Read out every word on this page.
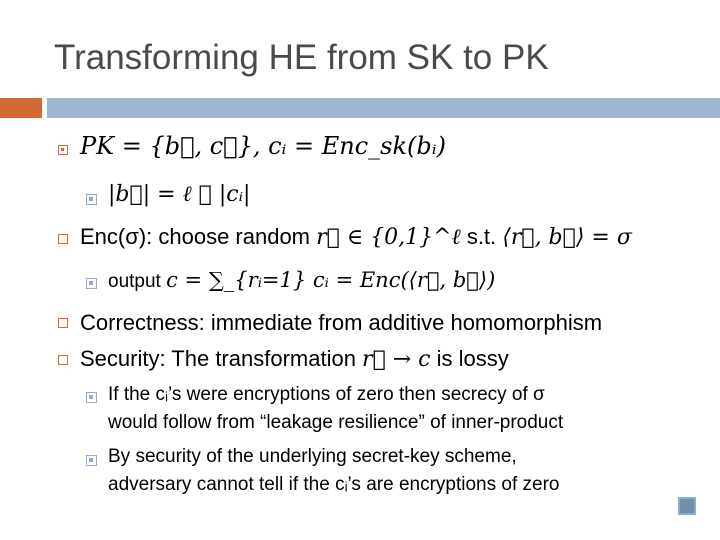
Transforming HE from SK to PK
PK = {b⃗, c⃗}, cᵢ = Enc_sk(bᵢ)
|b⃗| = ℓ ≫ |cᵢ|
Enc(σ): choose random r⃗ ∈ {0,1}^ℓ s.t. ⟨r⃗, b⃗⟩ = σ
output c = ∑_{rᵢ=1} cᵢ = Enc(⟨r⃗, b⃗⟩)
Correctness: immediate from additive homomorphism
Security: The transformation r⃗ → c is lossy
If the cᵢ’s were encryptions of zero then secrecy of σ
would follow from “leakage resilience” of inner-product
By security of the underlying secret-key scheme,
adversary cannot tell if the cᵢ’s are encryptions of zero
